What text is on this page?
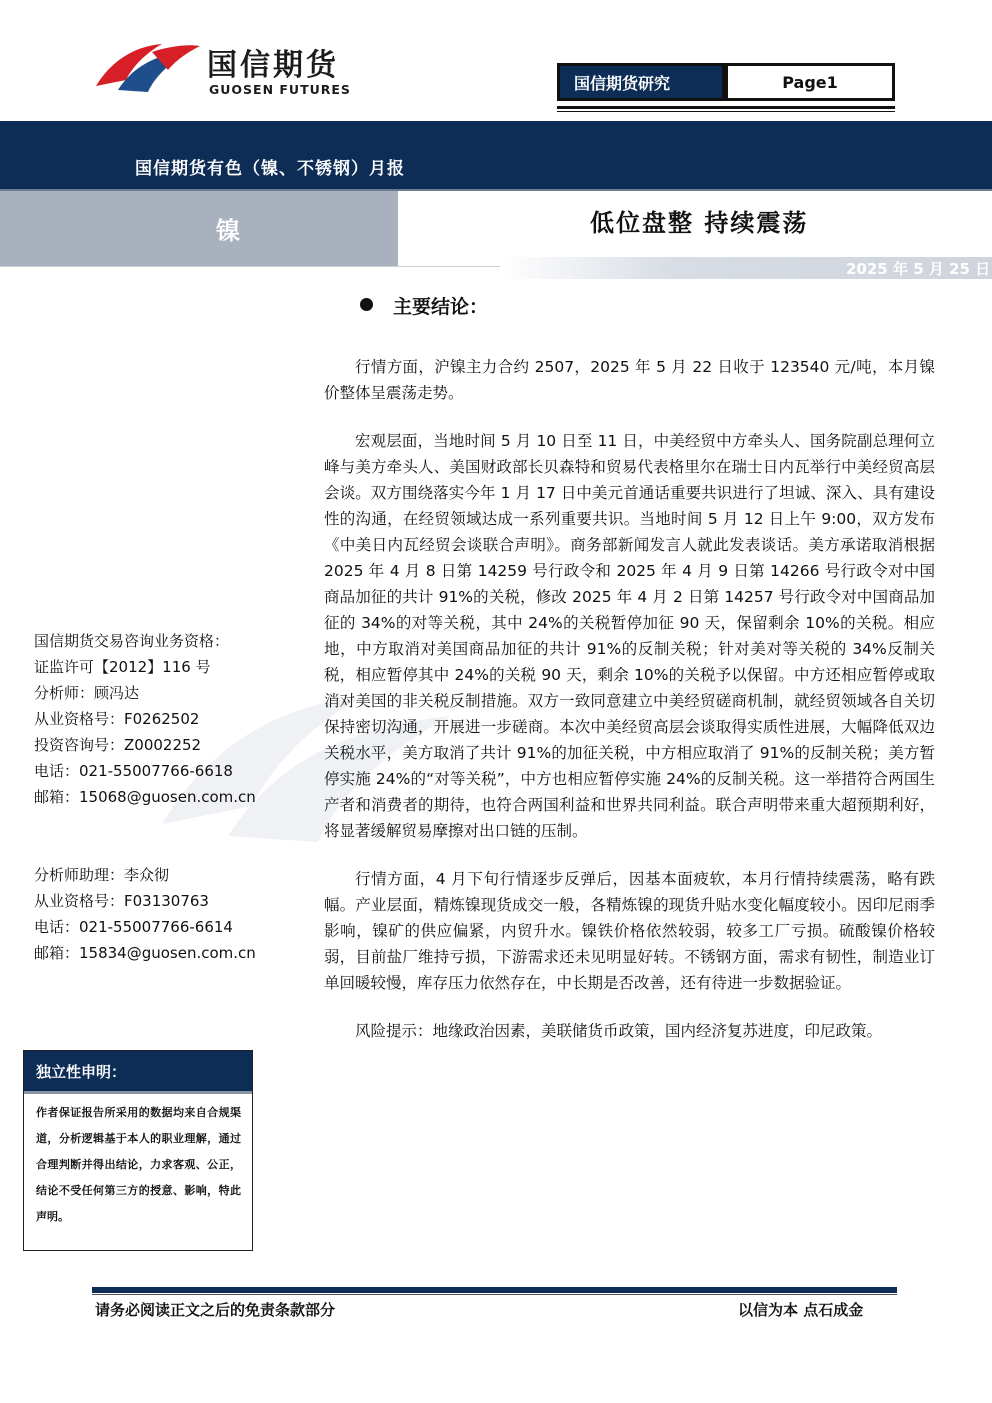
国信期货
GUOSEN FUTURES	国信期货研究	Page1
国信期货有色（镍、不锈钢）月报
镍	低位盘整 持续震荡
2025 年 5 月 25 日
主要结论：

行情方面，沪镍主力合约 2507，2025 年 5 月 22 日收于 123540 元/吨，本月镍价整体呈震荡走势。

宏观层面，当地时间 5 月 10 日至 11 日，中美经贸中方牵头人、国务院副总理何立峰与美方牵头人、美国财政部长贝森特和贸易代表格里尔在瑞士日内瓦举行中美经贸高层会谈。双方围绕落实今年 1 月 17 日中美元首通话重要共识进行了坦诚、深入、具有建设性的沟通，在经贸领域达成一系列重要共识。当地时间 5 月 12 日上午 9:00，双方发布《中美日内瓦经贸会谈联合声明》。商务部新闻发言人就此发表谈话。美方承诺取消根据 2025 年 4 月 8 日第 14259 号行政令和 2025 年 4 月 9 日第 14266 号行政令对中国商品加征的共计 91%的关税，修改 2025 年 4 月 2 日第 14257 号行政令对中国商品加征的 34%的对等关税，其中 24%的关税暂停加征 90 天，保留剩余 10%的关税。相应地，中方取消对美国商品加征的共计 91%的反制关税；针对美对等关税的 34%反制关税，相应暂停其中 24%的关税 90 天，剩余 10%的关税予以保留。中方还相应暂停或取消对美国的非关税反制措施。双方一致同意建立中美经贸磋商机制，就经贸领域各自关切保持密切沟通，开展进一步磋商。本次中美经贸高层会谈取得实质性进展，大幅降低双边关税水平，美方取消了共计 91%的加征关税，中方相应取消了 91%的反制关税；美方暂停实施 24%的“对等关税”，中方也相应暂停实施 24%的反制关税。这一举措符合两国生产者和消费者的期待，也符合两国利益和世界共同利益。联合声明带来重大超预期利好，将显著缓解贸易摩擦对出口链的压制。

行情方面，4 月下旬行情逐步反弹后，因基本面疲软，本月行情持续震荡，略有跌幅。产业层面，精炼镍现货成交一般，各精炼镍的现货升贴水变化幅度较小。因印尼雨季影响，镍矿的供应偏紧，内贸升水。镍铁价格依然较弱，较多工厂亏损。硫酸镍价格较弱，目前盐厂维持亏损，下游需求还未见明显好转。不锈钢方面，需求有韧性，制造业订单回暖较慢，库存压力依然存在，中长期是否改善，还有待进一步数据验证。

风险提示：地缘政治因素，美联储货币政策，国内经济复苏进度，印尼政策。

国信期货交易咨询业务资格：
证监许可【2012】116 号
分析师：顾冯达
从业资格号：F0262502
投资咨询号：Z0002252
电话：021-55007766-6618
邮箱：15068@guosen.com.cn
分析师助理：李众彻
从业资格号：F03130763
电话：021-55007766-6614
邮箱：15834@guosen.com.cn
独立性申明：
作者保证报告所采用的数据均来自合规渠道，分析逻辑基于本人的职业理解，通过合理判断并得出结论，力求客观、公正，结论不受任何第三方的授意、影响，特此声明。
请务必阅读正文之后的免责条款部分	以信为本 点石成金
